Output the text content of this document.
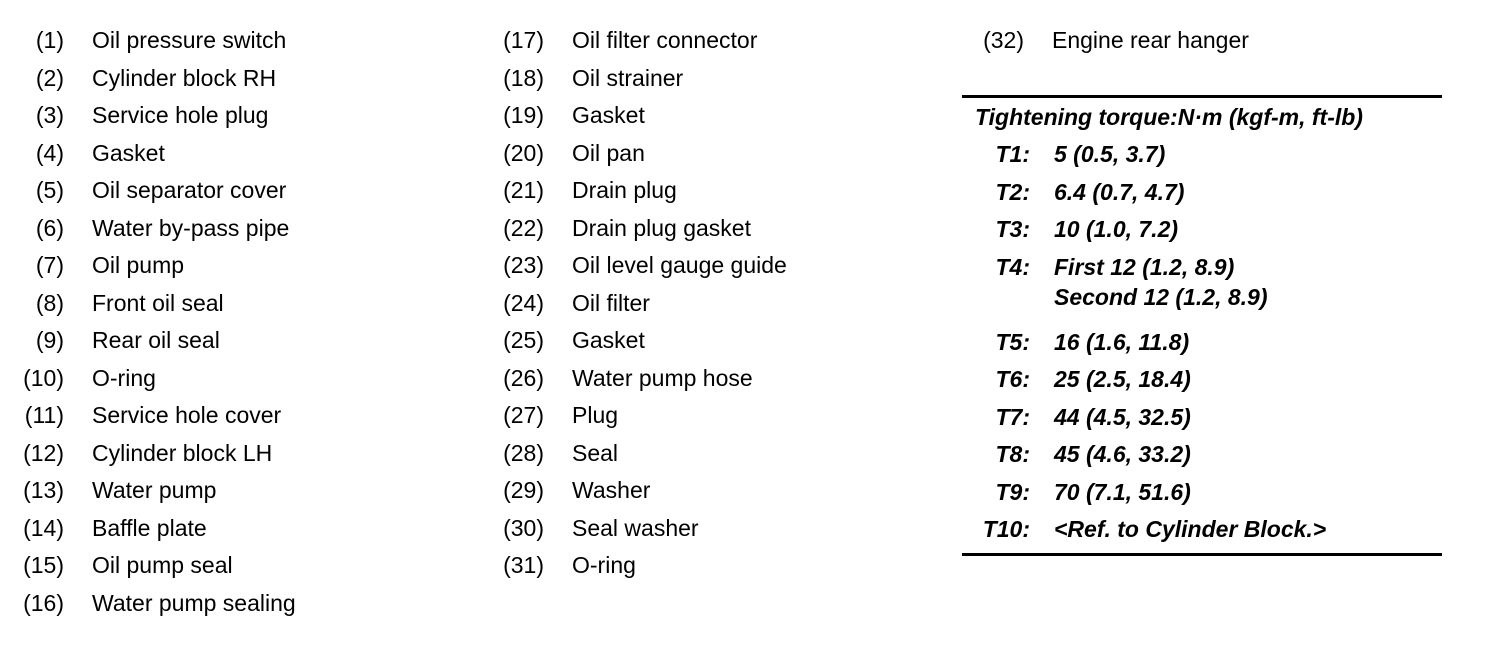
(1) Oil pressure switch
(2) Cylinder block RH
(3) Service hole plug
(4) Gasket
(5) Oil separator cover
(6) Water by-pass pipe
(7) Oil pump
(8) Front oil seal
(9) Rear oil seal
(10) O-ring
(11) Service hole cover
(12) Cylinder block LH
(13) Water pump
(14) Baffle plate
(15) Oil pump seal
(16) Water pump sealing
(17) Oil filter connector
(18) Oil strainer
(19) Gasket
(20) Oil pan
(21) Drain plug
(22) Drain plug gasket
(23) Oil level gauge guide
(24) Oil filter
(25) Gasket
(26) Water pump hose
(27) Plug
(28) Seal
(29) Washer
(30) Seal washer
(31) O-ring
(32) Engine rear hanger
Tightening torque:N·m (kgf-m, ft-lb)
T1: 5 (0.5, 3.7)
T2: 6.4 (0.7, 4.7)
T3: 10 (1.0, 7.2)
T4: First 12 (1.2, 8.9)
Second 12 (1.2, 8.9)
T5: 16 (1.6, 11.8)
T6: 25 (2.5, 18.4)
T7: 44 (4.5, 32.5)
T8: 45 (4.6, 33.2)
T9: 70 (7.1, 51.6)
T10: <Ref. to Cylinder Block.>
